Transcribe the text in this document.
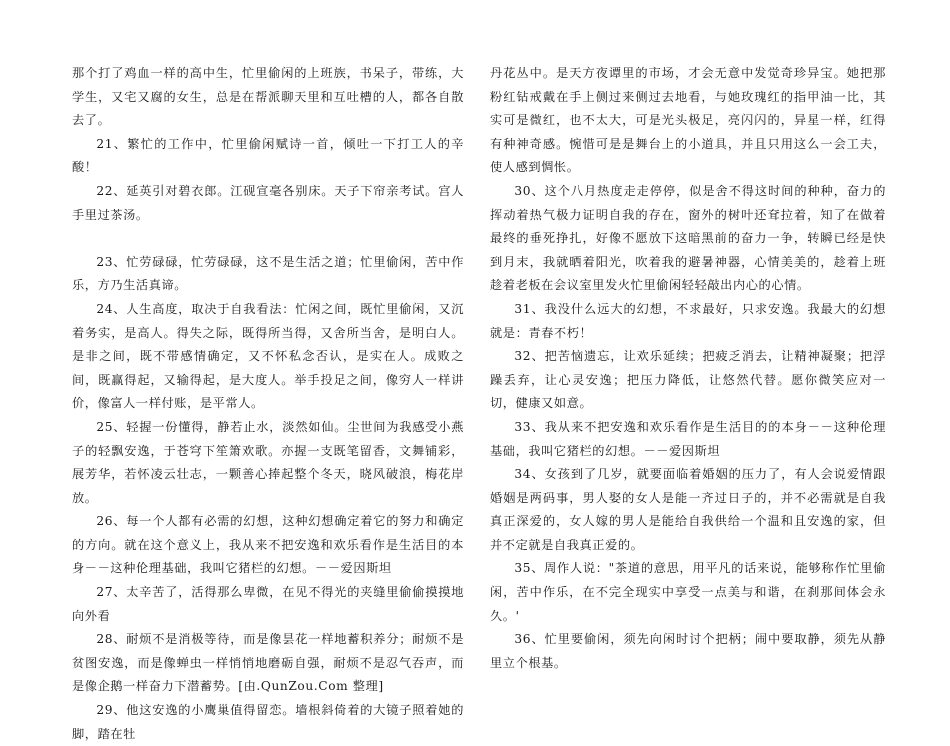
那个打了鸡血一样的高中生，忙里偷闲的上班族，书呆子，带练，大学生，又宅又腐的女生，总是在帮派聊天里和互吐槽的人，都各自散去了。

21、繁忙的工作中，忙里偷闲赋诗一首，倾吐一下打工人的辛酸！

22、延英引对碧衣郎。江砚宣毫各别床。天子下帘亲考试。宫人手里过茶汤。

23、忙劳碌碌，忙劳碌碌，这不是生活之道；忙里偷闲，苦中作乐，方乃生活真谛。

24、人生高度，取决于自我看法：忙闲之间，既忙里偷闲，又沉着务实，是高人。得失之际，既得所当得，又舍所当舍，是明白人。是非之间，既不带感情确定，又不怀私念否认，是实在人。成败之间，既赢得起，又输得起，是大度人。举手投足之间，像穷人一样讲价，像富人一样付账，是平常人。

25、轻握一份懂得，静若止水，淡然如仙。尘世间为我感受小燕子的轻飘安逸，于苍穹下笙箫欢歌。亦握一支既笔留香，文舞铺彩，展芳华，若怀凌云壮志，一颗善心捧起整个冬天，晓风破浪，梅花岸放。

26、每一个人都有必需的幻想，这种幻想确定着它的努力和确定的方向。就在这个意义上，我从来不把安逸和欢乐看作是生活目的本身－－这种伦理基础，我叫它猪栏的幻想。－－爱因斯坦

27、太辛苦了，活得那么卑微，在见不得光的夹缝里偷偷摸摸地向外看

28、耐烦不是消极等待，而是像昙花一样地蓄积养分；耐烦不是贫图安逸，而是像蝉虫一样悄悄地磨砺自强，耐烦不是忍气吞声，而是像企鹅一样奋力下潜蓄势。[由.QunZou.Com 整理]

29、他这安逸的小鹰巢值得留恋。墙根斜倚着的大镜子照着她的脚，踏在牡

丹花丛中。是天方夜谭里的市场，才会无意中发觉奇珍异宝。她把那粉红钻戒戴在手上侧过来侧过去地看，与她玫瑰红的指甲油一比，其实可是微红，也不太大，可是光头极足，亮闪闪的，异星一样，红得有种神奇感。惋惜可是是舞台上的小道具，并且只用这么一会工夫，使人感到惆怅。

30、这个八月热度走走停停，似是舍不得这时间的种种，奋力的挥动着热气极力证明自我的存在，窗外的树叶还耷拉着，知了在做着最终的垂死挣扎，好像不愿放下这暗黑前的奋力一争，转瞬已经是快到月末，我就晒着阳光，吹着我的避暑神器，心情美美的，趁着上班趁着老板在会议室里发火忙里偷闲轻轻敲出内心的心情。

31、我没什么远大的幻想，不求最好，只求安逸。我最大的幻想就是：青春不朽！

32、把苦恼遗忘，让欢乐延续；把疲乏消去，让精神凝聚；把浮躁丢弃，让心灵安逸；把压力降低，让悠然代替。愿你微笑应对一切，健康又如意。

33、我从来不把安逸和欢乐看作是生活目的的本身－－这种伦理基础，我叫它猪栏的幻想。－－爱因斯坦

34、女孩到了几岁，就要面临着婚姻的压力了，有人会说爱情跟婚姻是两码事，男人娶的女人是能一齐过日子的，并不必需就是自我真正深爱的，女人嫁的男人是能给自我供给一个温和且安逸的家，但并不定就是自我真正爱的。

35、周作人说："茶道的意思，用平凡的话来说，能够称作忙里偷闲，苦中作乐，在不完全现实中享受一点美与和谐，在刹那间体会永久。'

36、忙里要偷闲，须先向闲时讨个把柄；闹中要取静，须先从静里立个根基。
